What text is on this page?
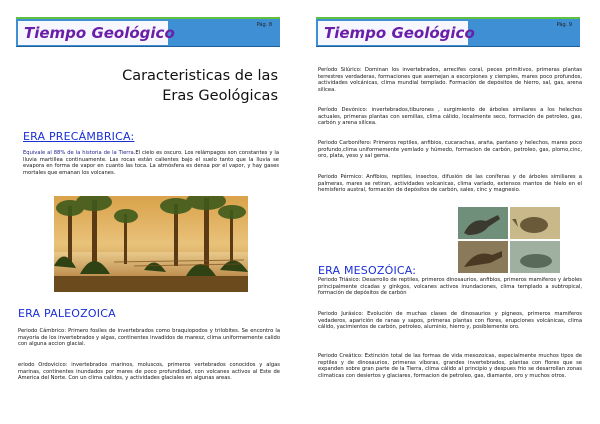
Tiempo Geológico	Pág. 8
Caracteristicas de las
Eras Geológicas
ERA PRECÁMBRICA:
Equivale al 88% de la historia de la Tierra.El cielo es oscuro. Los relámpagos son constantes y la lluvia martillea continuamente. Las rocas están calientes bajo el suelo tanto que la lluvia se evapora en forma de vapor en cuanto las toca. La atmósfera es densa por el vapor, y hay gases mortales que emanan los volcanes.
ERA PALEOZOICA
Periodo Cámbrico: Primero fosiles de invertebrados como braquiopodos y trilobites. Se encontro la mayoria de los invertebrados y algas, continentes invadidos de maresz, clima uniformemente calido con alguna accion glacial.
eriodo Ordovicico: invertebrados marinos, moluscos, primeros vertebrados conocidos y algas marinas, continentes inundados por mares de poco profundidad, con volcanes activos al Este de America del Norte. Con un clima calidos, y actividades glaciales en algunas areas.
Tiempo Geológico	Pág. 9
Período Silúrico: Dominan los invertebrados, arrecifes coral, peces primitivos, primeras plantas terrestres verdaderas, formaciones que asemejan a escorpiones y ciempies, mares poco profundos, actividades volcánicas, clima mundial templado. Formación de depósitos de hierro, sal, gas, arena silícea.
Período Devónico: invertebrados,tiburones , surgimiento de árboles similares a los helechos actuales, primeras plantas con semillas, clima cálido, localmente seco, formación de petroleo, gas, carbón y arena silícea.
Periodo Carbonífero: Primeros reptiles, anfibios, cucarachas, araña, pantano y helechos, mares poco profundo,clima uniformemente yemlado y húmedo, formacion de carbón, petroleo, gas, plomo,cinc, oro, plata, yeso y sal gema.
Periodo Pérmico: Anfibios, reptiles, insectos, difusión de las coníferas y de árboles similiares a palmeras, mares se retiran, actividades volcanicas, clima variado, extensos mantos de hielo en el hemisferio austral, formación de depósitos de carbón, sales, cinc y magnesio.
ERA MESOZÓICA:
Periodo Triásico: Desarrollo de reptiles, primeros dinosaurios, anfibios, primeros mamiferos y árboles principalmente cicadas y ginkgos, volcanes activos inundaciones, clima templado a subtropical, formación de depósitos de carbón
Periodo Jurásico: Evolución de muchas clases de dinosaurios y pigneos, primeros mamiferos vedaderos, aparición de ranas y sapos, primeras plantas con flores, erupciones volcánicas, clima cálido, yacimientos de carbón, petroleo, aluminio, hierro y, posiblemente oro.
Periodo Creático: Extinción total de las formas de vida mesozoicas, especialmente muchos tipos de reptiles y de dinosaurios, primeras víboras, grandes invertebrados, plantas con flores que se expanden sobre gran parte de la Tierra, clima cálido al principio y despues frio se desarrollan zonas climaticas con desiertos y glaciares, formacion de petroleo, gas, diamante, oro y muchos otros.
